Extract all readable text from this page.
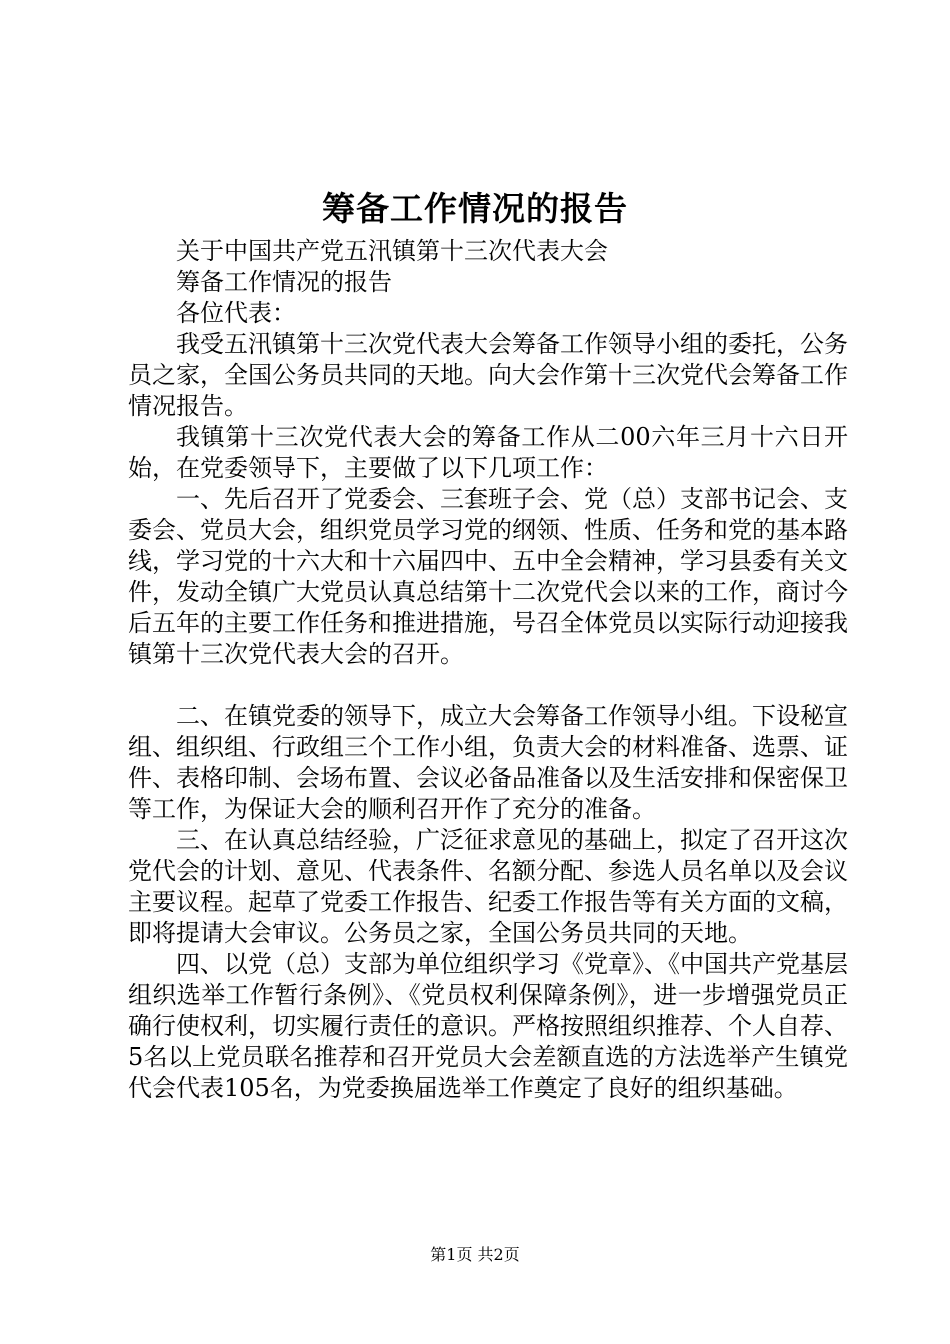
筹备工作情况的报告

关于中国共产党五汛镇第十三次代表大会

筹备工作情况的报告

各位代表：

我受五汛镇第十三次党代表大会筹备工作领导小组的委托，公务员之家，全国公务员共同的天地。向大会作第十三次党代会筹备工作情况报告。

我镇第十三次党代表大会的筹备工作从二00六年三月十六日开始，在党委领导下，主要做了以下几项工作：

一、先后召开了党委会、三套班子会、党（总）支部书记会、支委会、党员大会，组织党员学习党的纲领、性质、任务和党的基本路线，学习党的十六大和十六届四中、五中全会精神，学习县委有关文件，发动全镇广大党员认真总结第十二次党代会以来的工作，商讨今后五年的主要工作任务和推进措施，号召全体党员以实际行动迎接我镇第十三次党代表大会的召开。

二、在镇党委的领导下，成立大会筹备工作领导小组。下设秘宣组、组织组、行政组三个工作小组，负责大会的材料准备、选票、证件、表格印制、会场布置、会议必备品准备以及生活安排和保密保卫等工作，为保证大会的顺利召开作了充分的准备。

三、在认真总结经验，广泛征求意见的基础上，拟定了召开这次党代会的计划、意见、代表条件、名额分配、参选人员名单以及会议主要议程。起草了党委工作报告、纪委工作报告等有关方面的文稿，即将提请大会审议。公务员之家，全国公务员共同的天地。

四、以党（总）支部为单位组织学习《党章》、《中国共产党基层组织选举工作暂行条例》、《党员权利保障条例》，进一步增强党员正确行使权利，切实履行责任的意识。严格按照组织推荐、个人自荐、5名以上党员联名推荐和召开党员大会差额直选的方法选举产生镇党代会代表105名，为党委换届选举工作奠定了良好的组织基础。

第1页 共2页
